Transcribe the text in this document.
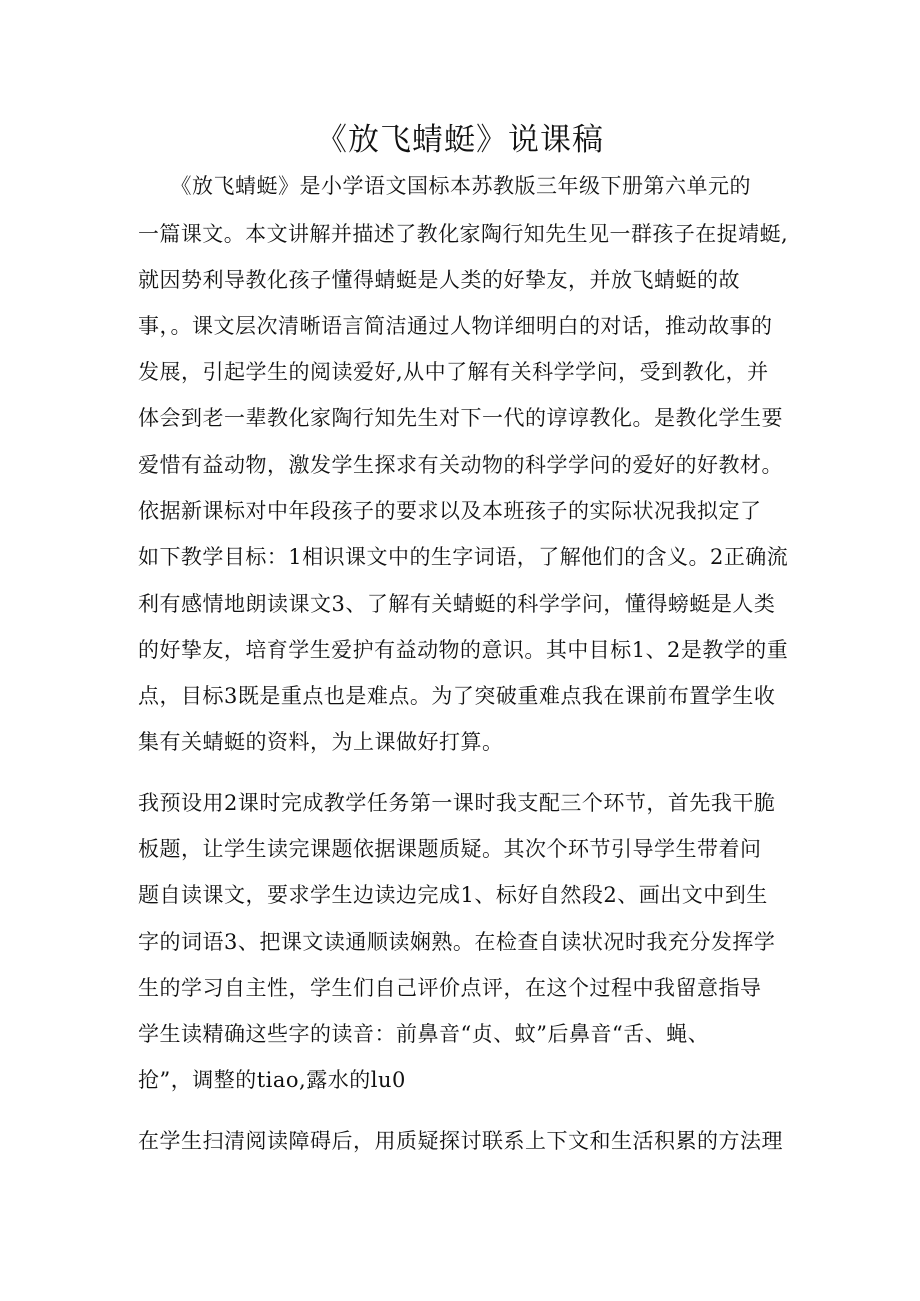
《放飞蜻蜓》说课稿
　　《放飞蜻蜓》是小学语文国标本苏教版三年级下册第六单元的
一篇课文。本文讲解并描述了教化家陶行知先生见一群孩子在捉靖蜓,
就因势利导教化孩子懂得蜻蜓是人类的好挚友，并放飞蜻蜓的故
事，。课文层次清晰语言简洁通过人物详细明白的对话，推动故事的
发展，引起学生的阅读爱好,从中了解有关科学学问，受到教化，并
体会到老一辈教化家陶行知先生对下一代的谆谆教化。是教化学生要
爱惜有益动物，激发学生探求有关动物的科学学问的爱好的好教材。
依据新课标对中年段孩子的要求以及本班孩子的实际状况我拟定了
如下教学目标：1相识课文中的生字词语，了解他们的含义。2正确流
利有感情地朗读课文3、了解有关蜻蜓的科学学问，懂得螃蜓是人类
的好挚友，培育学生爱护有益动物的意识。其中目标1、2是教学的重
点，目标3既是重点也是难点。为了突破重难点我在课前布置学生收
集有关蜻蜓的资料，为上课做好打算。
我预设用2课时完成教学任务第一课时我支配三个环节，首先我干脆
板题，让学生读完课题依据课题质疑。其次个环节引导学生带着问
题自读课文，要求学生边读边完成1、标好自然段2、画出文中到生
字的词语3、把课文读通顺读娴熟。在检查自读状况时我充分发挥学
生的学习自主性，学生们自己评价点评，在这个过程中我留意指导
学生读精确这些字的读音：前鼻音“贞、蚊”后鼻音“舌、蝇、
抢”，调整的tiao,露水的lu0
在学生扫清阅读障碍后，用质疑探讨联系上下文和生活积累的方法理
